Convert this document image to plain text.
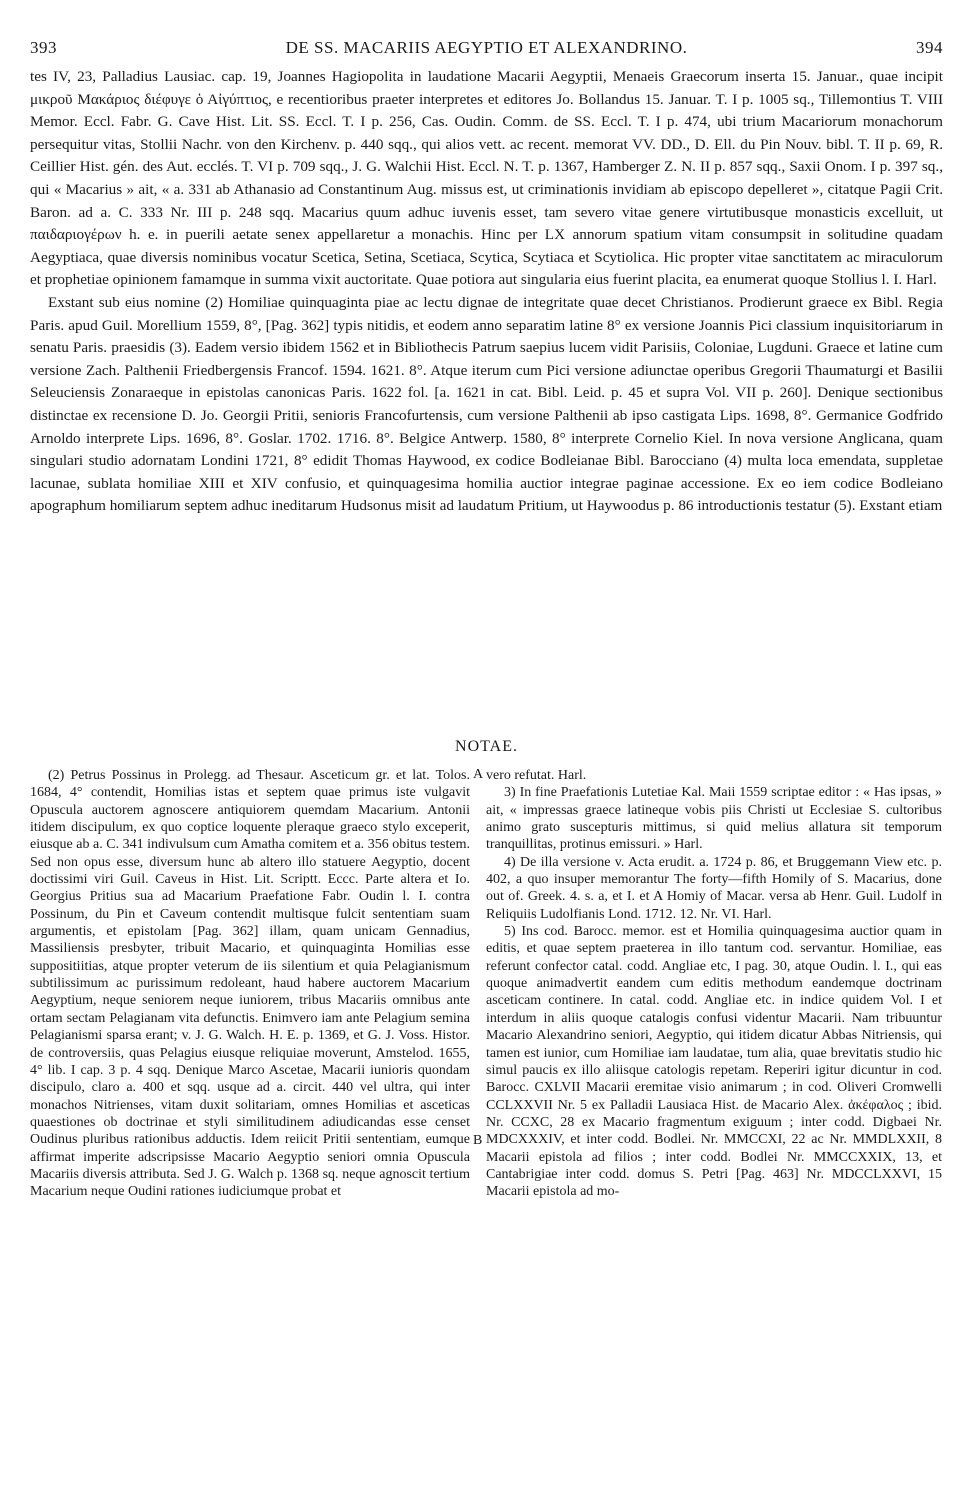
393	DE SS. MACARIIS AEGYPTIO ET ALEXANDRINO.	394

tes IV, 23, Palladius Lausiac. cap. 19, Joannes Hagiopolita in laudatione Macarii Aegyptii, Menaeis Graecorum inserta 15. Januar., quae incipit μικροῦ Μακάριος διέφυγε ὁ Αἰγύπτιος, e recentioribus praeter interpretes et editores Jo. Bollandus 15. Januar. T. I p. 1005 sq., Tillemontius T. VIII Memor. Eccl. Fabr. G. Cave Hist. Lit. SS. Eccl. T. I p. 256, Cas. Oudin. Comm. de SS. Eccl. T. I p. 474, ubi trium Macariorum monachorum persequitur vitas, Stollii Nachr. von den Kirchenv. p. 440 sqq., qui alios vett. ac recent. memorat VV. DD., D. Ell. du Pin Nouv. bibl. T. II p. 69, R. Ceillier Hist. gén. des Aut. ecclés. T. VI p. 709 sqq., J. G. Walchii Hist. Eccl. N. T. p. 1367, Hamberger Z. N. II p. 857 sqq., Saxii Onom. I p. 397 sq., qui « Macarius » ait, « a. 331 ab Athanasio ad Constantinum Aug. missus est, ut criminationis invidiam ab episcopo depelleret », citatque Pagii Crit. Baron. ad a. C. 333 Nr. III p. 248 sqq. Macarius quum adhuc iuvenis esset, tam severo vitae genere virtutibusque monasticis excelluit, ut παιδαριογέρων h. e. in puerili aetate senex appellaretur a monachis. Hinc per LX annorum spatium vitam consumpsit in solitudine quadam Aegyptiaca, quae diversis nominibus vocatur Scetica, Setina, Scetiaca, Scytica, Scytiaca et Scytiolica. Hic propter vitae sanctitatem ac miraculorum et prophetiae opinionem famamque in summa vixit auctoritate. Quae potiora aut singularia eius fuerint placita, ea enumerat quoque Stollius l. I. Harl.

Exstant sub eius nomine (2) Homiliae quinquaginta piae ac lectu dignae de integritate quae decet Christianos. Prodierunt graece ex Bibl. Regia Paris. apud Guil. Morellium 1559, 8°, [Pag. 362] typis nitidis, et eodem anno separatim latine 8° ex versione Joannis Pici classium inquisitoriarum in senatu Paris. praesidis (3). Eadem versio ibidem 1562 et in Bibliothecis Patrum saepius lucem vidit Parisiis, Coloniae, Lugduni. Graece et latine cum versione Zach. Palthenii Friedbergensis Francof. 1594. 1621. 8°. Atque iterum cum Pici versione adiunctae operibus Gregorii Thaumaturgi et Basilii Seleuciensis Zonaraeque in epistolas canonicas Paris. 1622 fol. [a. 1621 in cat. Bibl. Leid. p. 45 et supra Vol. VII p. 260]. Denique sectionibus distinctae ex recensione D. Jo. Georgii Pritii, senioris Francofurtensis, cum versione Palthenii ab ipso castigata Lips. 1698, 8°. Germanice Godfrido Arnoldo interprete Lips. 1696, 8°. Goslar. 1702. 1716. 8°. Belgice Antwerp. 1580, 8° interprete Cornelio Kiel. In nova versione Anglicana, quam singulari studio adornatam Londini 1721, 8° edidit Thomas Haywood, ex codice Bodleianae Bibl. Barocciano (4) multa loca emendata, suppletae lacunae, sublata homiliae XIII et XIV confusio, et quinquagesima homilia auctior integrae paginae accessione. Ex eo iem codice Bodleiano apographum homiliarum septem adhuc ineditarum Hudsonus misit ad laudatum Pritium, ut Haywoodus p. 86 introductionis testatur (5). Exstant etiam

NOTAE.

(2) Petrus Possinus in Prolegg. ad Thesaur. Asceticum gr. et lat. Tolos. 1684, 4° contendit, Homilias istas et septem quae primus iste vulgavit Opuscula auctorem agnoscere antiquiorem quemdam Macarium. Antonii itidem discipulum, ex quo coptice loquente pleraque graeco stylo exceperit, eiusque ab a. C. 341 indivulsum cum Amatha comitem et a. 356 obitus testem. Sed non opus esse, diversum hunc ab altero illo statuere Aegyptio, docent doctissimi viri Guil. Caveus in Hist. Lit. Scriptt. Eccc. Parte altera et Io. Georgius Pritius sua ad Macarium Praefatione Fabr. Oudin l. I. contra Possinum, du Pin et Caveum contendit multisque fulcit sententiam suam argumentis, et epistolam [Pag. 362] illam, quam unicam Gennadius, Massiliensis presbyter, tribuit Macario, et quinquaginta Homilias esse suppositiitias, atque propter veterum de iis silentium et quia Pelagianismum subtilissimum ac purissimum redoleant, haud habere auctorem Macarium Aegyptium, neque seniorem neque iuniorem, tribus Macariis omnibus ante ortam sectam Pelagianam vita defunctis. Enimvero iam ante Pelagium semina Pelagianismi sparsa erant; v. J. G. Walch. H. E. p. 1369, et G. J. Voss. Histor. de controversiis, quas Pelagius eiusque reliquiae moverunt, Amstelod. 1655, 4° lib. I cap. 3 p. 4 sqq. Denique Marco Ascetae, Macarii iunioris quondam discipulo, claro a. 400 et sqq. usque ad a. circit. 440 vel ultra, qui inter monachos Nitrienses, vitam duxit solitariam, omnes Homilias et asceticas quaestiones ob doctrinae et styli similitudinem adiudicandas esse censet Oudinus pluribus rationibus adductis. Idem reiicit Pritii sententiam, eumque affirmat imperite adscripsisse Macario Aegyptio seniori omnia Opuscula Macariis diversis attributa. Sed J. G. Walch p. 1368 sq. neque agnoscit tertium Macarium neque Oudini rationes iudiciumque probat et

A
B

vero refutat. Harl.

3) In fine Praefationis Lutetiae Kal. Maii 1559 scriptae editor : « Has ipsas, » ait, « impressas graece latineque vobis piis Christi ut Ecclesiae S. cultoribus animo grato suscepturis mittimus, si quid melius allatura sit temporum tranquillitas, protinus emissuri. » Harl.

4) De illa versione v. Acta erudit. a. 1724 p. 86, et Bruggemann View etc. p. 402, a quo insuper memorantur The forty—fifth Homily of S. Macarius, done out of. Greek. 4. s. a, et I. et A Homiy of Macar. versa ab Henr. Guil. Ludolf in Reliquiis Ludolfianis Lond. 1712. 12. Nr. VI. Harl.

5) Ins cod. Barocc. memor. est et Homilia quinquagesima auctior quam in editis, et quae septem praeterea in illo tantum cod. servantur. Homiliae, eas referunt confector catal. codd. Angliae etc, I pag. 30, atque Oudin. l. I., qui eas quoque animadvertit eandem cum editis methodum eandemque doctrinam asceticam continere. In catal. codd. Angliae etc. in indice quidem Vol. I et interdum in aliis quoque catalogis confusi videntur Macarii. Nam tribuuntur Macario Alexandrino seniori, Aegyptio, qui itidem dicatur Abbas Nitriensis, qui tamen est iunior, cum Homiliae iam laudatae, tum alia, quae brevitatis studio hic simul paucis ex illo aliisque catologis repetam. Reperiri igitur dicuntur in cod. Barocc. CXLVII Macarii eremitae visio animarum ; in cod. Oliveri Cromwelli CCLXXVII Nr. 5 ex Palladii Lausiaca Hist. de Macario Alex. ἀκέφαλος ; ibid. Nr. CCXC, 28 ex Macario fragmentum exiguum ; inter codd. Digbaei Nr. MDCXXXIV, et inter codd. Bodlei. Nr. MMCCXI, 22 ac Nr. MMDLXXII, 8 Macarii epistola ad filios ; inter codd. Bodlei Nr. MMCCXXIX, 13, et Cantabrigiae inter codd. domus S. Petri [Pag. 463] Nr. MDCCLXXVI, 15 Macarii epistola ad mo-
